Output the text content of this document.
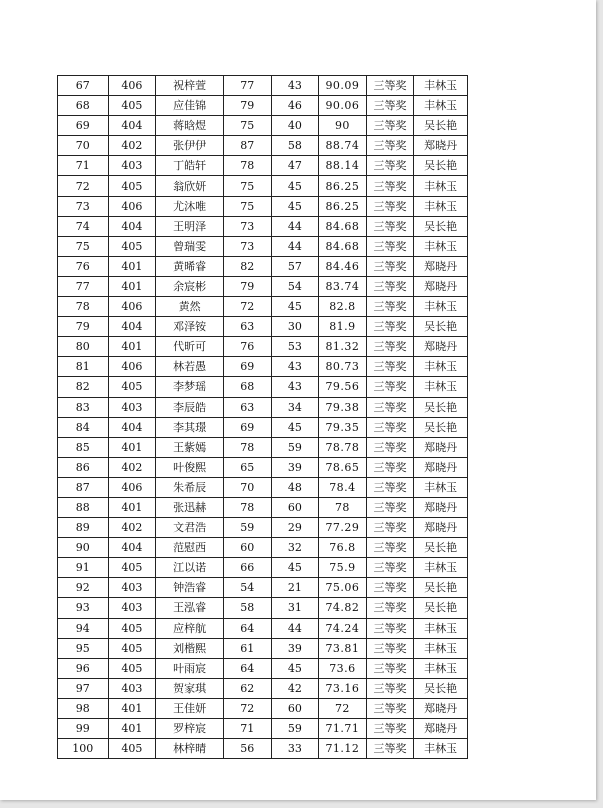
67	406	祝梓萱	77	43	90.09	三等奖	丰林玉
68	405	应佳锦	79	46	90.06	三等奖	丰林玉
69	404	蒋晗煜	75	40	90	三等奖	吴长艳
70	402	张伊伊	87	58	88.74	三等奖	郑晓丹
71	403	丁皓轩	78	47	88.14	三等奖	吴长艳
72	405	翁欣妍	75	45	86.25	三等奖	丰林玉
73	406	尤沐唯	75	45	86.25	三等奖	丰林玉
74	404	王明泽	73	44	84.68	三等奖	吴长艳
75	405	曾瑞雯	73	44	84.68	三等奖	丰林玉
76	401	黄晞睿	82	57	84.46	三等奖	郑晓丹
77	401	余宸彬	79	54	83.74	三等奖	郑晓丹
78	406	黄然	72	45	82.8	三等奖	丰林玉
79	404	邓泽铵	63	30	81.9	三等奖	吴长艳
80	401	代昕可	76	53	81.32	三等奖	郑晓丹
81	406	林若愚	69	43	80.73	三等奖	丰林玉
82	405	李梦瑶	68	43	79.56	三等奖	丰林玉
83	403	李辰皓	63	34	79.38	三等奖	吴长艳
84	404	李其璟	69	45	79.35	三等奖	吴长艳
85	401	王紫嫣	78	59	78.78	三等奖	郑晓丹
86	402	叶俊熙	65	39	78.65	三等奖	郑晓丹
87	406	朱希辰	70	48	78.4	三等奖	丰林玉
88	401	张迅赫	78	60	78	三等奖	郑晓丹
89	402	文君浩	59	29	77.29	三等奖	郑晓丹
90	404	范慰西	60	32	76.8	三等奖	吴长艳
91	405	江以诺	66	45	75.9	三等奖	丰林玉
92	403	钟浩睿	54	21	75.06	三等奖	吴长艳
93	403	王泓睿	58	31	74.82	三等奖	吴长艳
94	405	应梓航	64	44	74.24	三等奖	丰林玉
95	405	刘楷熙	61	39	73.81	三等奖	丰林玉
96	405	叶雨宸	64	45	73.6	三等奖	丰林玉
97	403	贺家琪	62	42	73.16	三等奖	吴长艳
98	401	王佳妍	72	60	72	三等奖	郑晓丹
99	401	罗梓宸	71	59	71.71	三等奖	郑晓丹
100	405	林梓晴	56	33	71.12	三等奖	丰林玉
